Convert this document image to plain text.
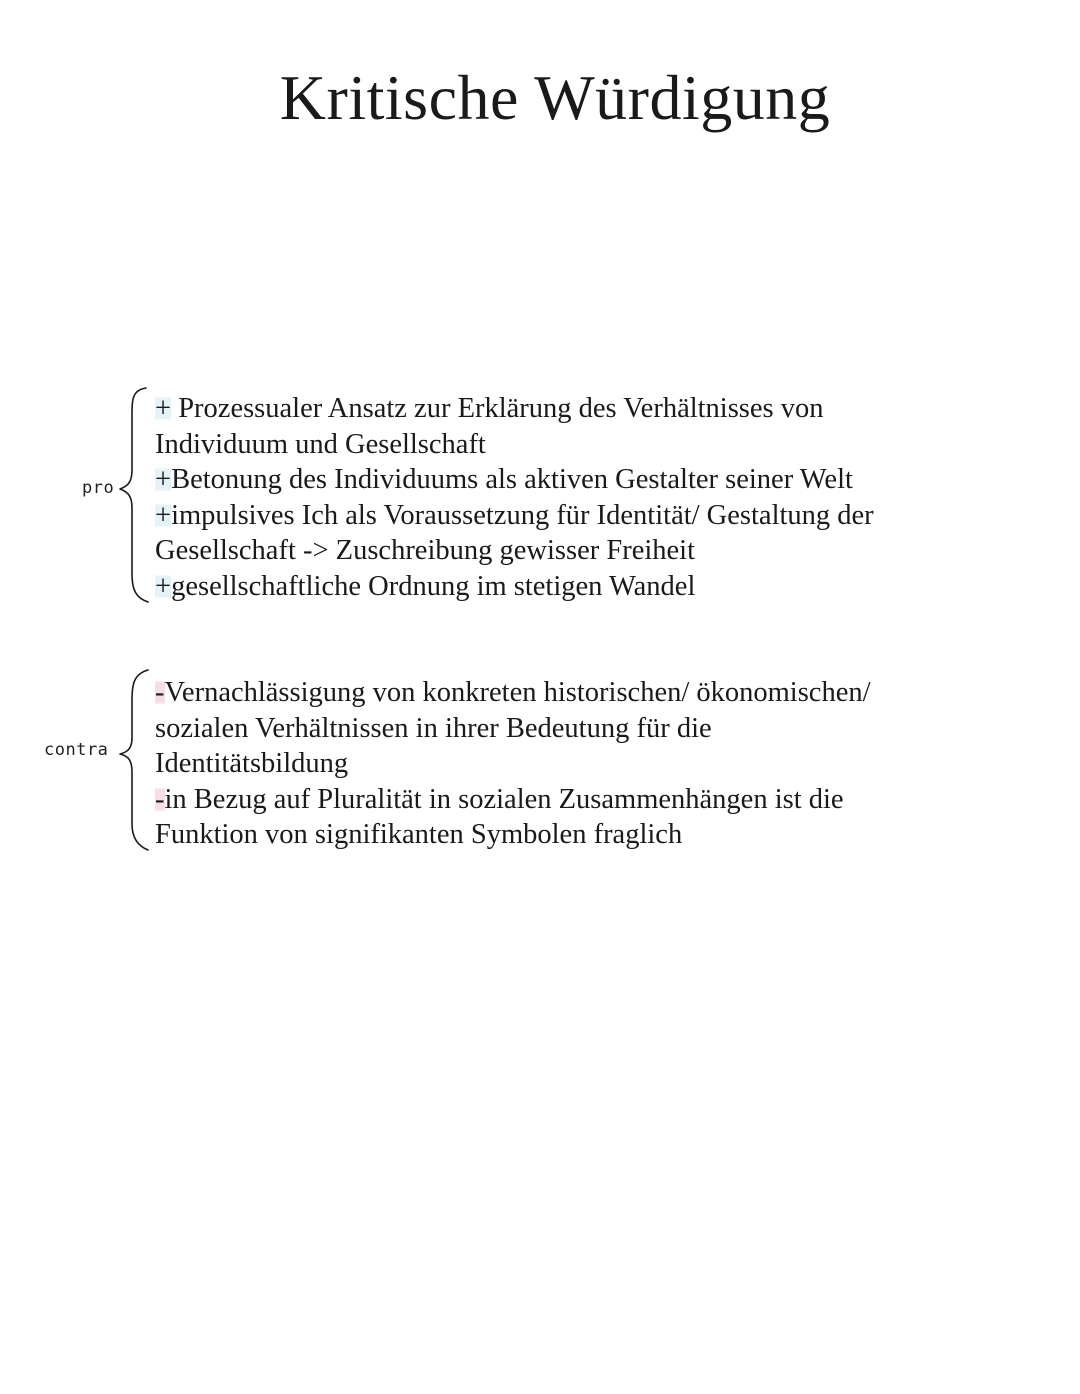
Kritische Würdigung
pro
+ Prozessualer Ansatz zur Erklärung des Verhältnisses von
Individuum und Gesellschaft
+Betonung des Individuums als aktiven Gestalter seiner Welt
+impulsives Ich als Voraussetzung für Identität/ Gestaltung der
Gesellschaft -> Zuschreibung gewisser Freiheit
+gesellschaftliche Ordnung im stetigen Wandel
contra
-Vernachlässigung von konkreten historischen/ ökonomischen/
sozialen Verhältnissen in ihrer Bedeutung für die
Identitätsbildung
-in Bezug auf Pluralität in sozialen Zusammenhängen ist die
Funktion von signifikanten Symbolen fraglich
